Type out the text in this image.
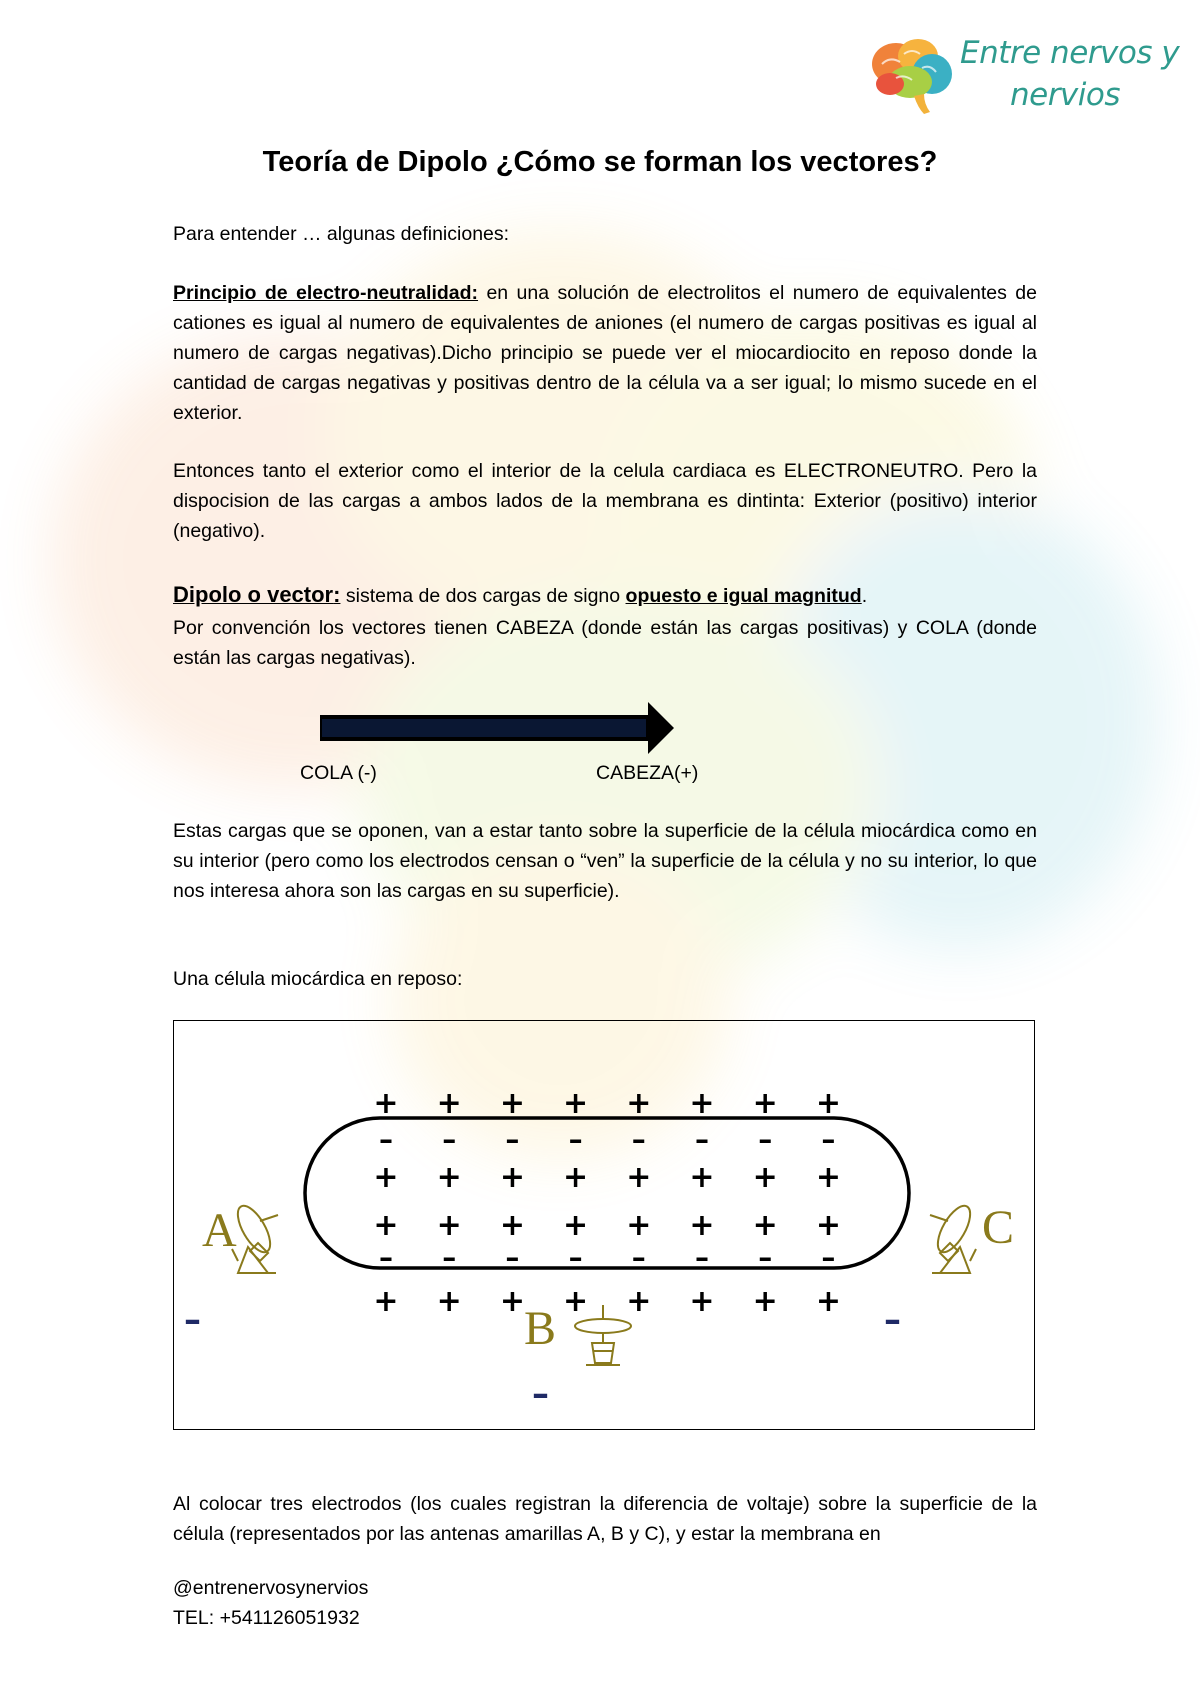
Entre nervos y
nervios
Teoría de Dipolo ¿Cómo se forman los vectores?
Para entender … algunas definiciones:
Principio de electro-neutralidad: en una solución de electrolitos el numero de equivalentes de cationes es igual al numero de equivalentes de aniones (el numero de cargas positivas es igual al numero de cargas negativas).Dicho principio se puede ver el miocardiocito en reposo donde la cantidad de cargas negativas y positivas dentro de la célula va a ser igual; lo mismo sucede en el exterior.
Entonces tanto el exterior como el interior de la celula cardiaca es ELECTRONEUTRO. Pero la dispocision de las cargas a ambos lados de la membrana es dintinta: Exterior (positivo) interior (negativo).
Dipolo o vector: sistema de dos cargas de signo opuesto e igual magnitud.
Por convención los vectores tienen CABEZA (donde están las cargas positivas) y COLA (donde están las cargas negativas).
COLA (-)	CABEZA(+)
Estas cargas que se oponen, van a estar tanto sobre la superficie de la célula miocárdica como en su interior (pero como los electrodos censan o “ven” la superficie de la célula y no su interior, lo que nos interesa ahora son las cargas en su superficie).
Una célula miocárdica en reposo:
+ + + + + + + +
– – – – – – – –
+ + + + + + + +
+ + + + + + + +
– – – – – – – –
+ + + + + + + +
A	C
B
–	–
–
Al colocar tres electrodos (los cuales registran la diferencia de voltaje) sobre la superficie de la célula (representados por las antenas amarillas A, B y C), y estar la membrana en
@entrenervosynervios
TEL: +541126051932
